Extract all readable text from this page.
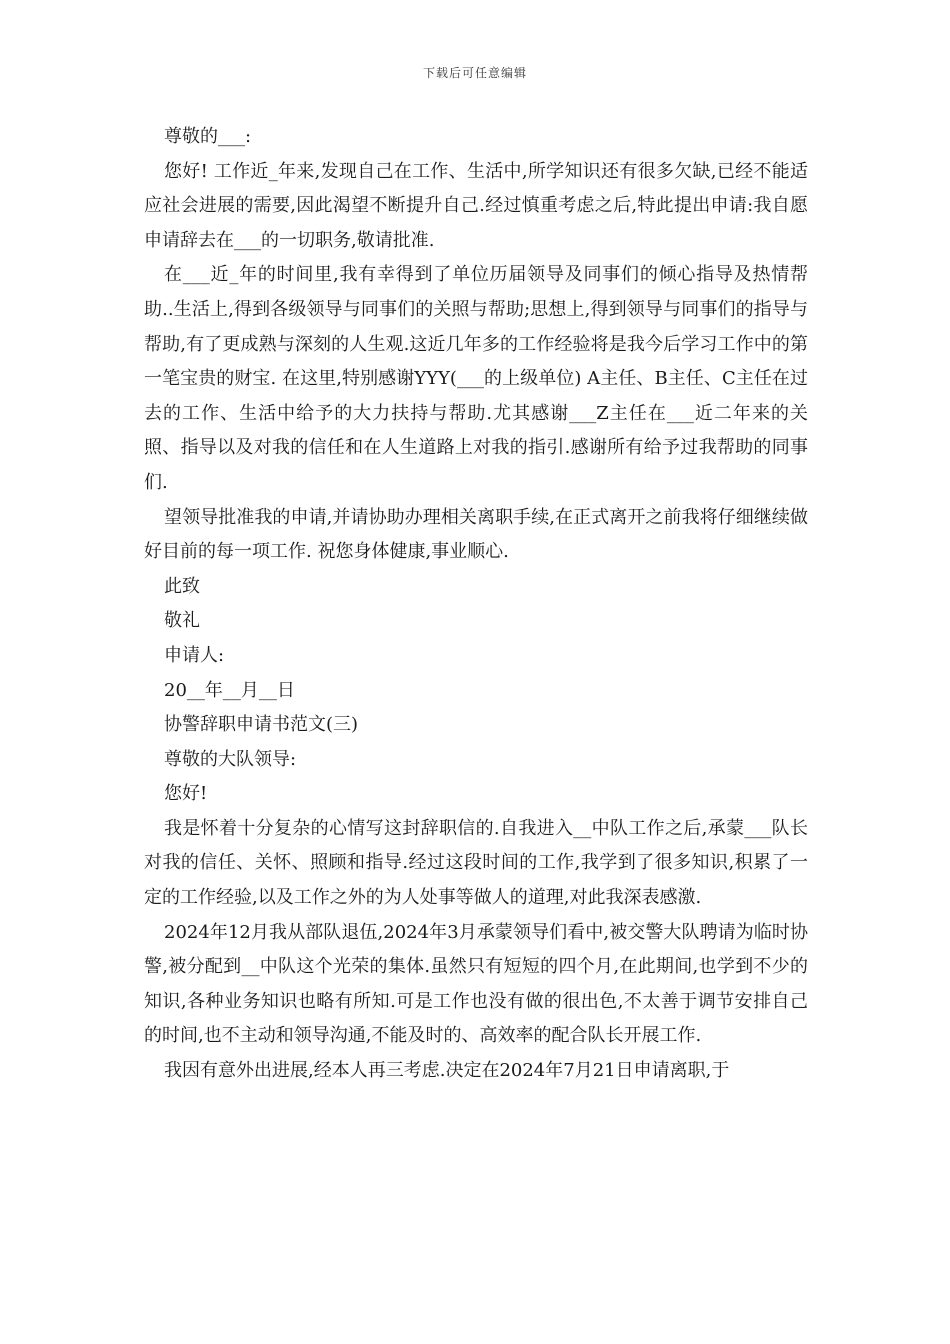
下载后可任意编辑

尊敬的___:

您好! 工作近_年来,发现自己在工作、生活中,所学知识还有很多欠缺,已经不能适应社会进展的需要,因此渴望不断提升自己.经过慎重考虑之后,特此提出申请:我自愿申请辞去在___的一切职务,敬请批准.

在___近_年的时间里,我有幸得到了单位历届领导及同事们的倾心指导及热情帮助..生活上,得到各级领导与同事们的关照与帮助;思想上,得到领导与同事们的指导与帮助,有了更成熟与深刻的人生观.这近几年多的工作经验将是我今后学习工作中的第一笔宝贵的财宝. 在这里,特别感谢YYY(___的上级单位) A主任、B主任、C主任在过去的工作、生活中给予的大力扶持与帮助.尤其感谢___Z主任在___近二年来的关照、指导以及对我的信任和在人生道路上对我的指引.感谢所有给予过我帮助的同事们.

望领导批准我的申请,并请协助办理相关离职手续,在正式离开之前我将仔细继续做好目前的每一项工作. 祝您身体健康,事业顺心.

此致

敬礼

申请人:

20__年__月__日

协警辞职申请书范文(三)

尊敬的大队领导:

您好!

我是怀着十分复杂的心情写这封辞职信的.自我进入__中队工作之后,承蒙___队长对我的信任、关怀、照顾和指导.经过这段时间的工作,我学到了很多知识,积累了一定的工作经验,以及工作之外的为人处事等做人的道理,对此我深表感激.

2024年12月我从部队退伍,2024年3月承蒙领导们看中,被交警大队聘请为临时协警,被分配到__中队这个光荣的集体.虽然只有短短的四个月,在此期间,也学到不少的知识,各种业务知识也略有所知.可是工作也没有做的很出色,不太善于调节安排自己的时间,也不主动和领导沟通,不能及时的、高效率的配合队长开展工作.

我因有意外出进展,经本人再三考虑.决定在2024年7月21日申请离职,于
